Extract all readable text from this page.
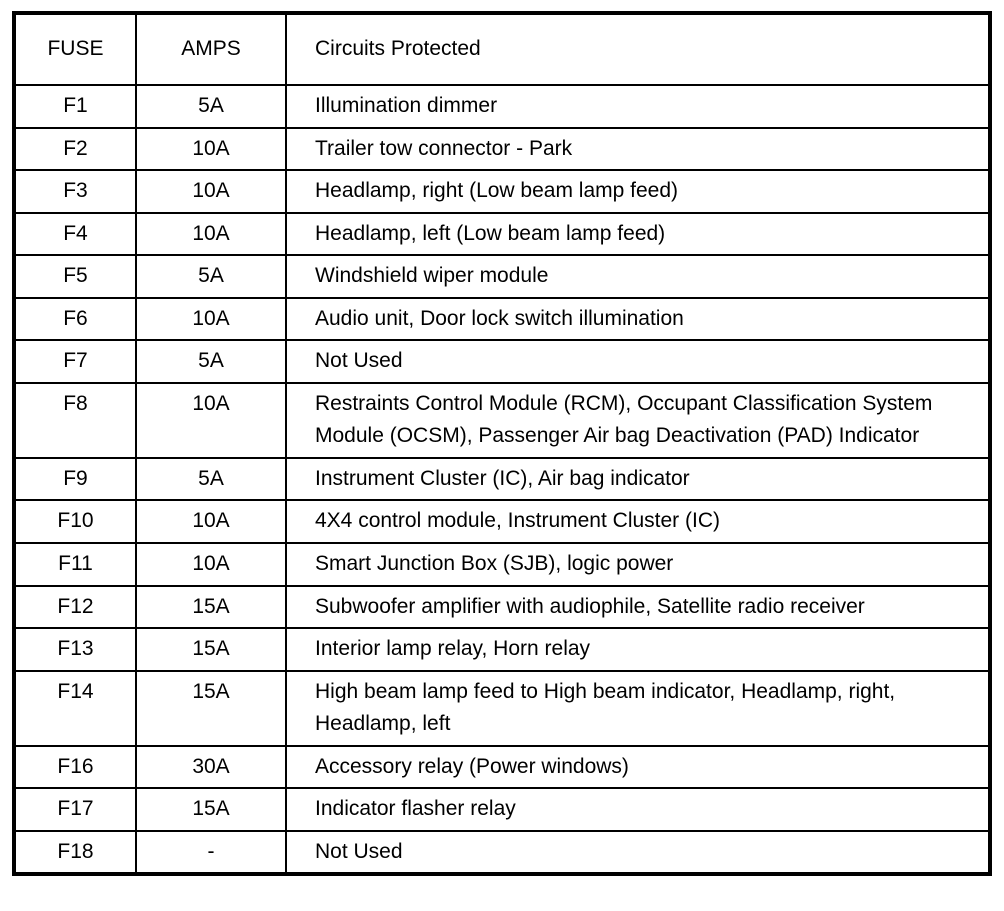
FUSE	AMPS	Circuits Protected
F1	5A	Illumination dimmer
F2	10A	Trailer tow connector - Park
F3	10A	Headlamp, right (Low beam lamp feed)
F4	10A	Headlamp, left (Low beam lamp feed)
F5	5A	Windshield wiper module
F6	10A	Audio unit, Door lock switch illumination
F7	5A	Not Used
F8	10A	Restraints Control Module (RCM), Occupant Classification System Module (OCSM), Passenger Air bag Deactivation (PAD) Indicator
F9	5A	Instrument Cluster (IC), Air bag indicator
F10	10A	4X4 control module, Instrument Cluster (IC)
F11	10A	Smart Junction Box (SJB), logic power
F12	15A	Subwoofer amplifier with audiophile, Satellite radio receiver
F13	15A	Interior lamp relay, Horn relay
F14	15A	High beam lamp feed to High beam indicator, Headlamp, right, Headlamp, left
F16	30A	Accessory relay (Power windows)
F17	15A	Indicator flasher relay
F18	-	Not Used
